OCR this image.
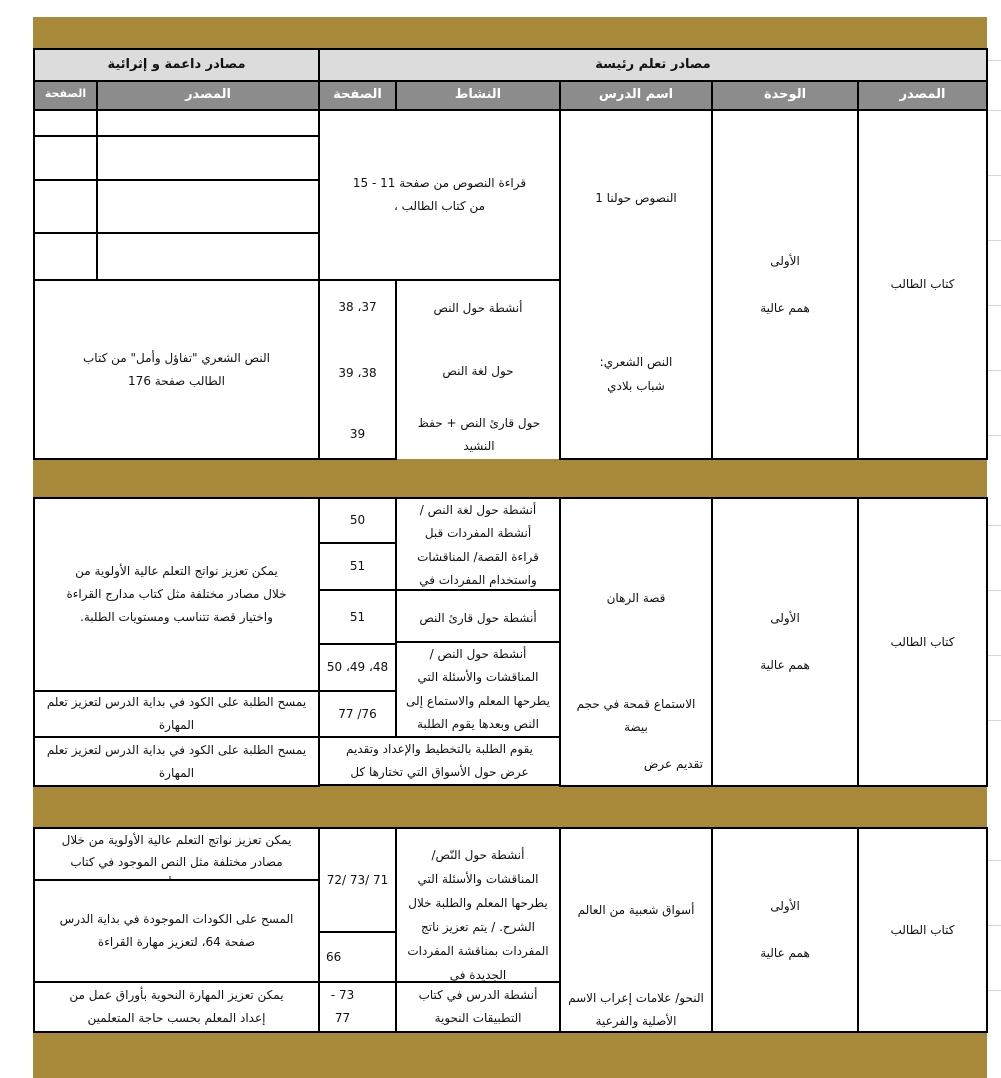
مصادر تعلم رئيسة
مصادر داعمة و إثرائية
المصدر
الوحدة
اسم الدرس
النشاط
الصفحة
المصدر
الصفحة
كتاب الطالب
الأولى
همم عالية
النصوص حولنا 1
النص الشعري:
شباب بلادي
قراءة النصوص من صفحة 11 - 15 من كتاب الطالب ،
أنشطة حول النص
حول لغة النص
حول قارئ النص + حفظ النشيد
37، 38
38، 39
39
النص الشعري "تفاؤل وأمل" من كتاب الطالب صفحة 176
كتاب الطالب
الأولى
همم عالية
قصة الرهان
الاستماع قمحة في حجم بيضة
تقديم عرض
أنشطة حول لغة النص / أنشطة المفردات قبل قراءة القصة/ المناقشات واستخدام المفردات في
أنشطة حول قارئ النص
أنشطة حول النص / المناقشات والأسئلة التي يطرحها المعلم والاستماع إلى النص وبعدها يقوم الطلبة
يقوم الطلبة بالتخطيط والإعداد وتقديم عرض حول الأسواق التي تختارها كل
50
51
51
48، 49، 50
76/ 77
يمكن تعزيز نواتج التعلم عالية الأولوية من خلال مصادر مختلفة مثل كتاب مدارج القراءة واختيار قصة تتناسب ومستويات الطلبة.
يمسح الطلبة على الكود في بداية الدرس لتعزيز تعلم المهارة
يمسح الطلبة على الكود في بداية الدرس لتعزيز تعلم المهارة
كتاب الطالب
الأولى
همم عالية
أسواق شعبية من العالم
النحو/ علامات إعراب الاسم الأصلية والفرعية
أنشطة حول النّص/ المناقشات والأسئلة التي يطرحها المعلم والطلبة خلال الشرح. / يتم تعزيز ناتج المفردات بمناقشة المفردات الجديدة في
أنشطة الدرس في كتاب التطبيقات النحوية
71 /73 /72
66
73 - 77
يمكن تعزيز نواتج التعلم عالية الأولوية من خلال مصادر مختلفة مثل النص الموجود في كتاب
المسح على الكودات الموجودة في بداية الدرس صفحة 64، لتعزيز مهارة القراءة
يمكن تعزيز المهارة النحوية بأوراق عمل من إعداد المعلم بحسب حاجة المتعلمين
